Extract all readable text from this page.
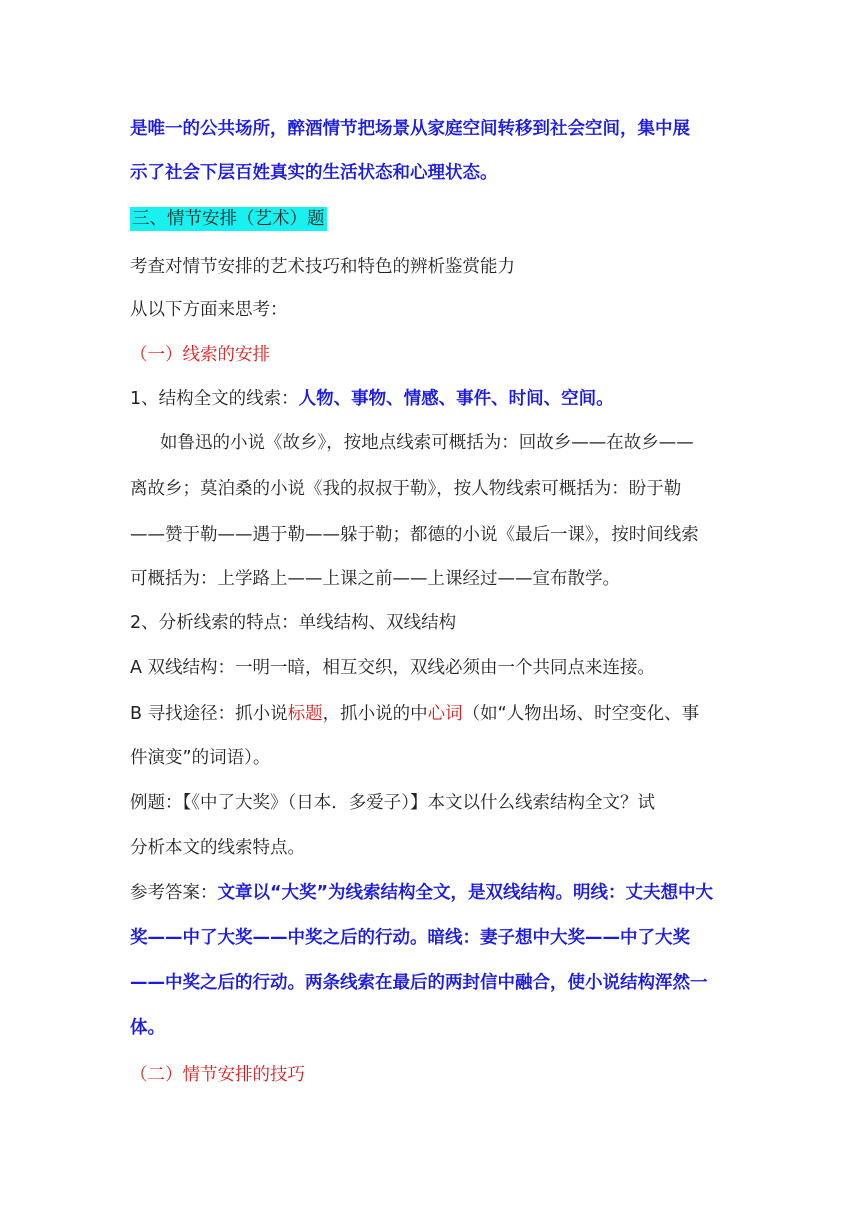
是唯一的公共场所，醉酒情节把场景从家庭空间转移到社会空间，集中展
示了社会下层百姓真实的生活状态和心理状态。
三、情节安排（艺术）题
考查对情节安排的艺术技巧和特色的辨析鉴赏能力
从以下方面来思考：
（一）线索的安排
1、结构全文的线索：人物、事物、情感、事件、时间、空间。
如鲁迅的小说《故乡》，按地点线索可概括为：回故乡——在故乡——
离故乡；莫泊桑的小说《我的叔叔于勒》，按人物线索可概括为：盼于勒
——赞于勒——遇于勒——躲于勒；都德的小说《最后一课》，按时间线索
可概括为：上学路上——上课之前——上课经过——宣布散学。
2、分析线索的特点：单线结构、双线结构
A 双线结构：一明一暗，相互交织，双线必须由一个共同点来连接。
B 寻找途径：抓小说标题，抓小说的中心词（如“人物出场、时空变化、事
件演变”的词语）。
例题：【《中了大奖》（日本．多爱子）】本文以什么线索结构全文？试
分析本文的线索特点。
参考答案：文章以“大奖”为线索结构全文，是双线结构。明线：丈夫想中大
奖——中了大奖——中奖之后的行动。暗线：妻子想中大奖——中了大奖
——中奖之后的行动。两条线索在最后的两封信中融合，使小说结构浑然一
体。
（二）情节安排的技巧
